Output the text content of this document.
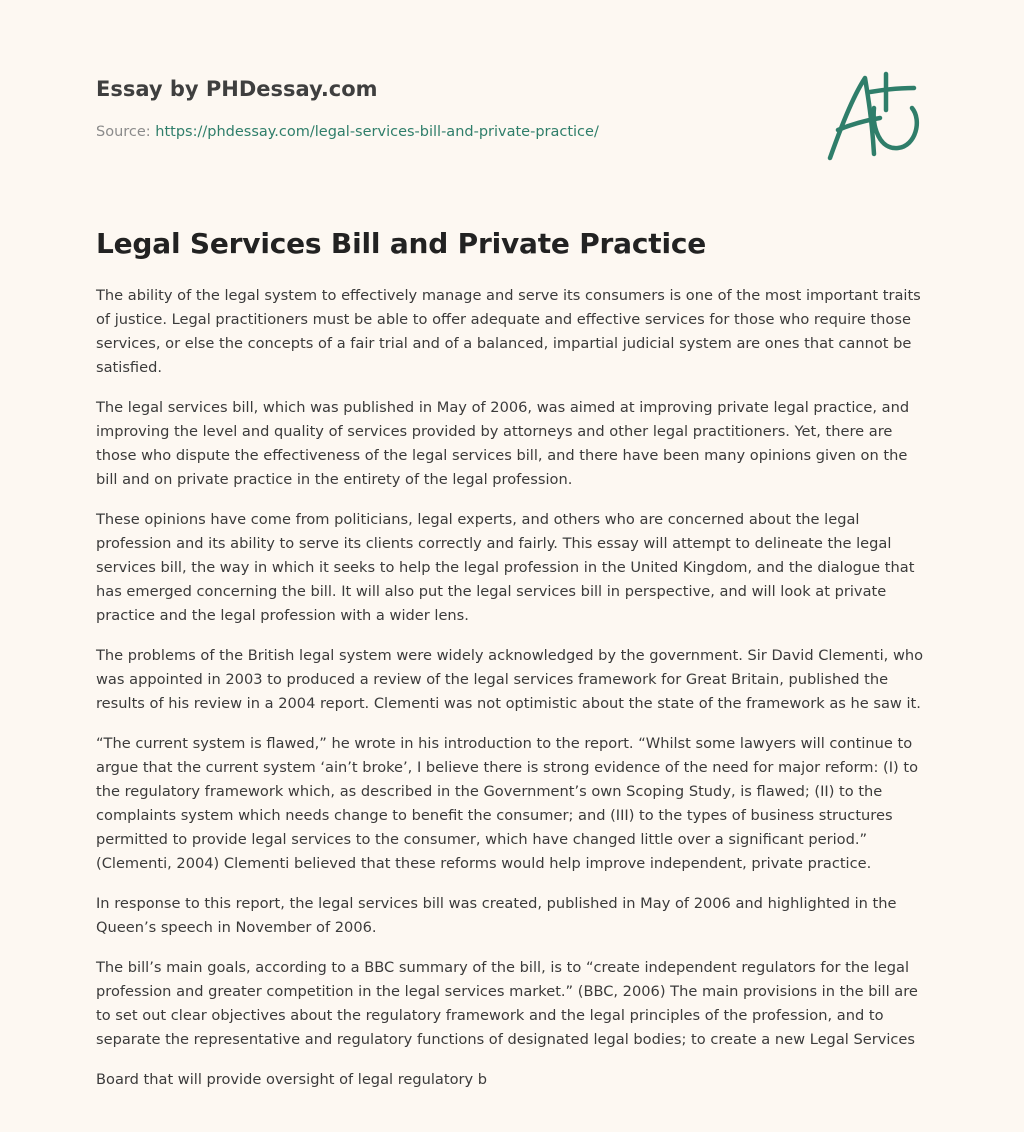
Essay by PHDessay.com

Source: https://phdessay.com/legal-services-bill-and-private-practice/

Legal Services Bill and Private Practice

The ability of the legal system to effectively manage and serve its consumers is one of the most important traits of justice. Legal practitioners must be able to offer adequate and effective services for those who require those services, or else the concepts of a fair trial and of a balanced, impartial judicial system are ones that cannot be satisfied.

The legal services bill, which was published in May of 2006, was aimed at improving private legal practice, and improving the level and quality of services provided by attorneys and other legal practitioners. Yet, there are those who dispute the effectiveness of the legal services bill, and there have been many opinions given on the bill and on private practice in the entirety of the legal profession.

These opinions have come from politicians, legal experts, and others who are concerned about the legal profession and its ability to serve its clients correctly and fairly. This essay will attempt to delineate the legal services bill, the way in which it seeks to help the legal profession in the United Kingdom, and the dialogue that has emerged concerning the bill. It will also put the legal services bill in perspective, and will look at private practice and the legal profession with a wider lens.

The problems of the British legal system were widely acknowledged by the government. Sir David Clementi, who was appointed in 2003 to produced a review of the legal services framework for Great Britain, published the results of his review in a 2004 report. Clementi was not optimistic about the state of the framework as he saw it.

“The current system is flawed,” he wrote in his introduction to the report. “Whilst some lawyers will continue to argue that the current system ‘ain’t broke’, I believe there is strong evidence of the need for major reform: (I) to the regulatory framework which, as described in the Government’s own Scoping Study, is flawed; (II) to the complaints system which needs change to benefit the consumer; and (III) to the types of business structures permitted to provide legal services to the consumer, which have changed little over a significant period.” (Clementi, 2004) Clementi believed that these reforms would help improve independent, private practice.

In response to this report, the legal services bill was created, published in May of 2006 and highlighted in the Queen’s speech in November of 2006.

The bill’s main goals, according to a BBC summary of the bill, is to “create independent regulators for the legal profession and greater competition in the legal services market.” (BBC, 2006) The main provisions in the bill are to set out clear objectives about the regulatory framework and the legal principles of the profession, and to separate the representative and regulatory functions of designated legal bodies; to create a new Legal Services

Board that will provide oversight of legal regulatory b
